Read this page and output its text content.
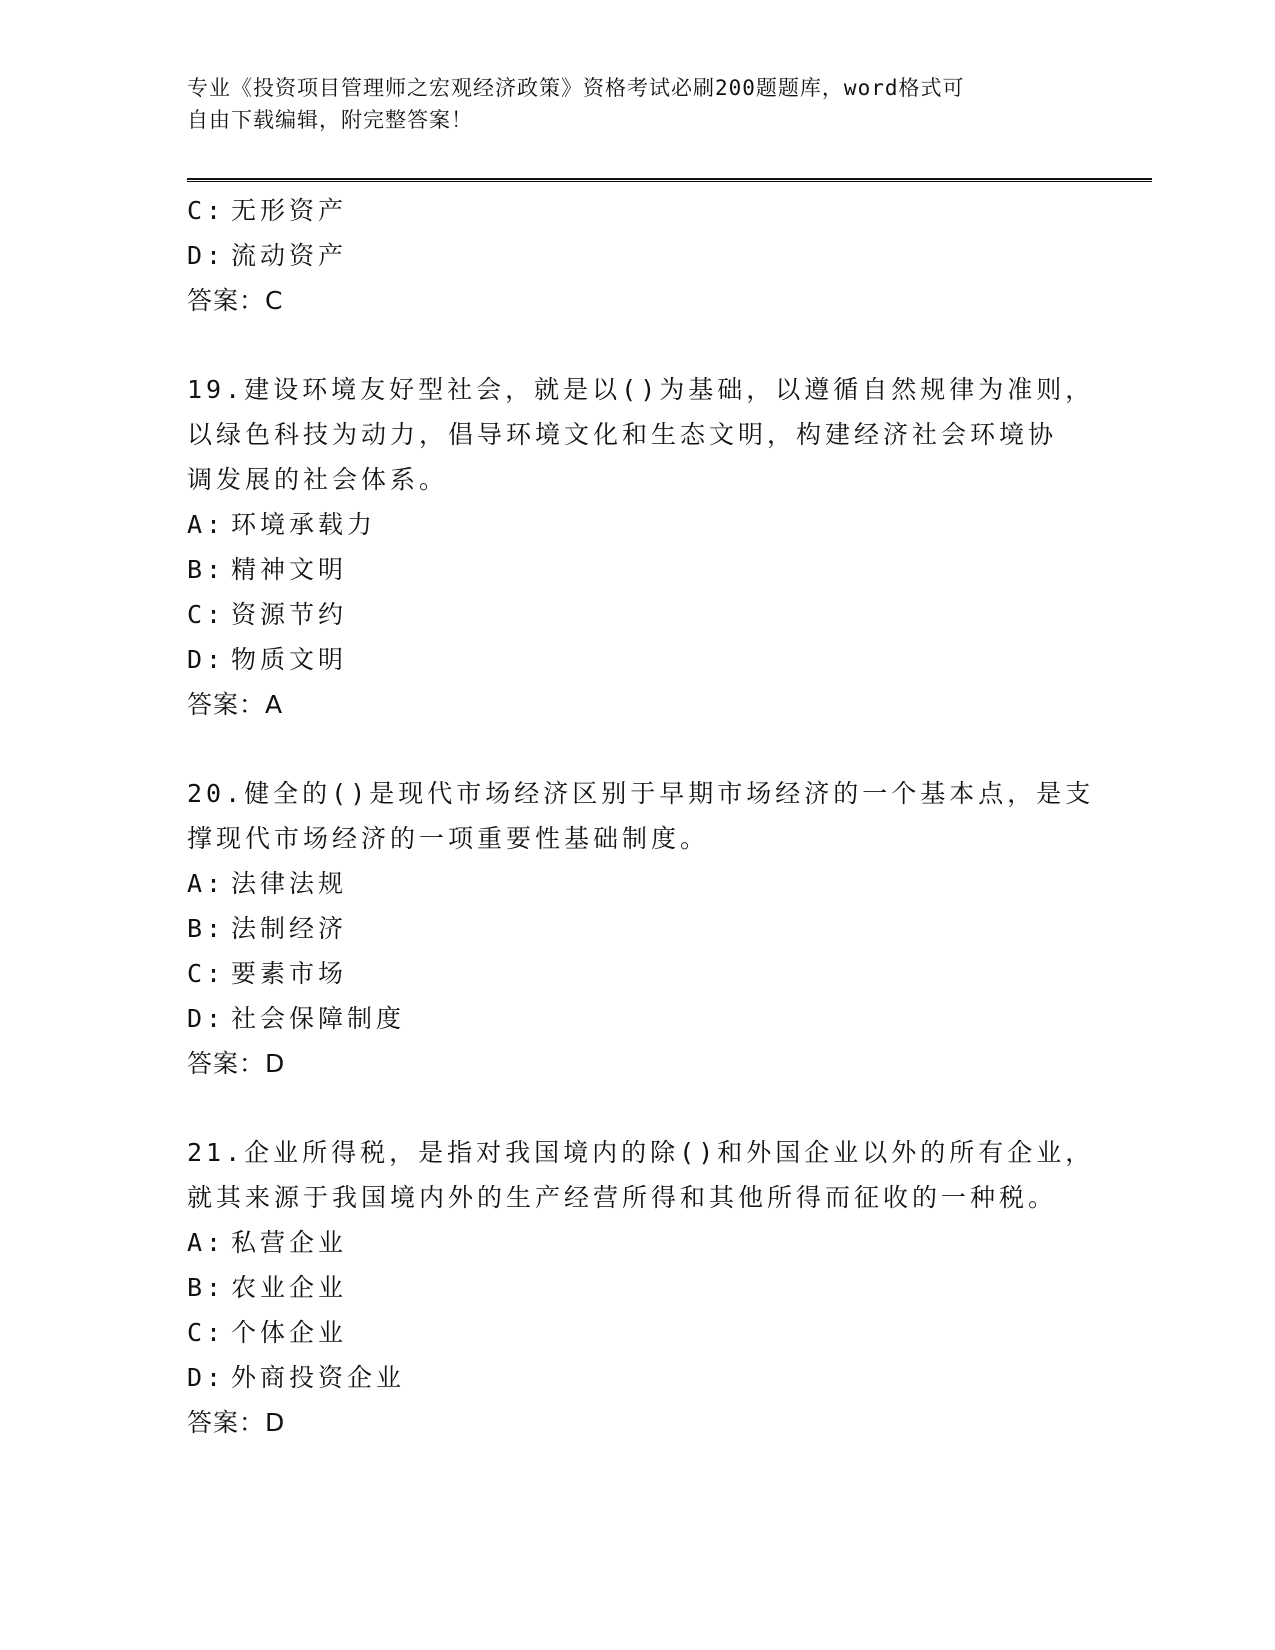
专业《投资项目管理师之宏观经济政策》资格考试必刷200题题库，word格式可
自由下载编辑，附完整答案！
C: 无形资产
D: 流动资产
答案：C
19.建设环境友好型社会，就是以()为基础，以遵循自然规律为准则，
以绿色科技为动力，倡导环境文化和生态文明，构建经济社会环境协
调发展的社会体系。
A: 环境承载力
B: 精神文明
C: 资源节约
D: 物质文明
答案：A
20.健全的()是现代市场经济区别于早期市场经济的一个基本点，是支
撑现代市场经济的一项重要性基础制度。
A: 法律法规
B: 法制经济
C: 要素市场
D: 社会保障制度
答案：D
21.企业所得税，是指对我国境内的除()和外国企业以外的所有企业，
就其来源于我国境内外的生产经营所得和其他所得而征收的一种税。
A: 私营企业
B: 农业企业
C: 个体企业
D: 外商投资企业
答案：D
